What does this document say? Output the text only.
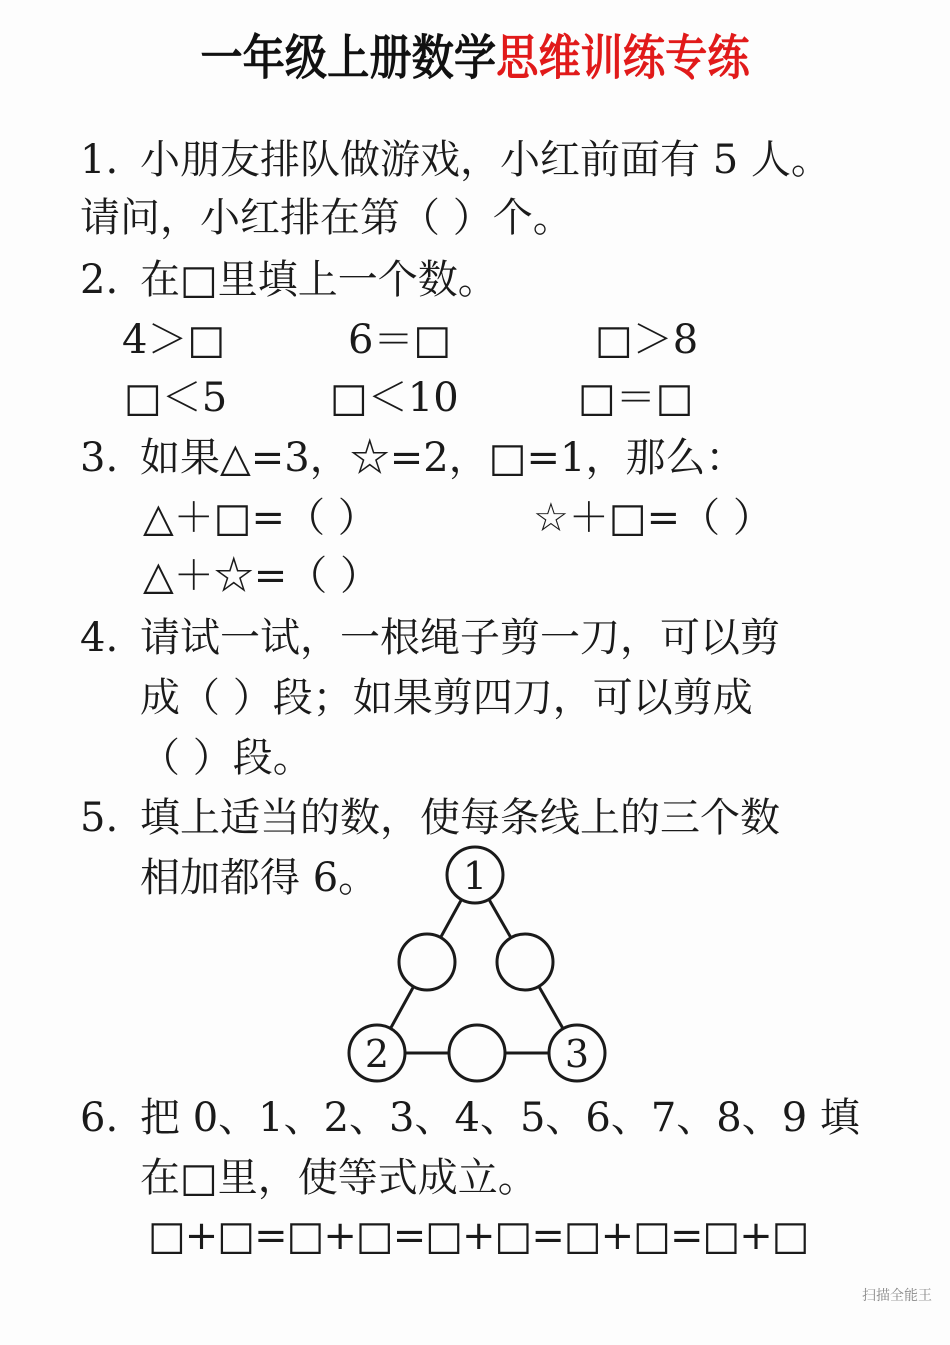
一年级上册数学思维训练专练
1. 小朋友排队做游戏，小红前面有 5 人。
请问，小红排在第（ ）个。
2. 在□里填上一个数。
4＞□	6＝□	□＞8
□＜5	□＜10	□＝□
3. 如果△=3，☆=2，□=1，那么：
△＋□=（ ）	☆＋□=（ ）
△＋☆=（ ）
4. 请试一试，一根绳子剪一刀，可以剪
成（ ）段；如果剪四刀，可以剪成
（ ）段。
5. 填上适当的数，使每条线上的三个数
相加都得 6。 1
2	3
6. 把 0、1、2、3、4、5、6、7、8、9 填
在□里，使等式成立。
□+□=□+□=□+□=□+□=□+□
扫描全能王
